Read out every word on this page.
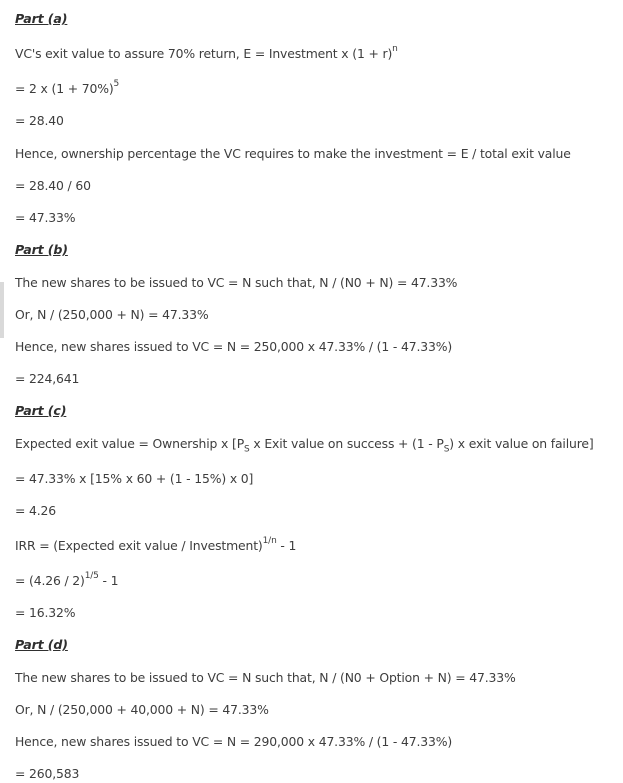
Part (a)
VC's exit value to assure 70% return, E = Investment x $(1 + r)^n$
= 2 x $(1 + 70\%)^5$
= 28.40
Hence, ownership percentage the VC requires to make the investment = E / total exit value
= 28.40 / 60
= 47.33%
Part (b)
The new shares to be issued to VC = N such that, N / (N0 + N) = 47.33%
Or, N / (250,000 + N) = 47.33%
Hence, new shares issued to VC = N = 250,000 x 47.33% / (1 - 47.33%)
= 224,641
Part (c)
Expected exit value = Ownership x [$P_S$ x Exit value on success + $(1 - P_S)$ x exit value on failure]
= 47.33% x [15% x 60 + (1 - 15%) x 0]
= 4.26
IRR = (Expected exit value / Investment)$^{1/n}$ - 1
= (4.26 / 2)$^{1/5}$ - 1
= 16.32%
Part (d)
The new shares to be issued to VC = N such that, N / (N0 + Option + N) = 47.33%
Or, N / (250,000 + 40,000 + N) = 47.33%
Hence, new shares issued to VC = N = 290,000 x 47.33% / (1 - 47.33%)
= 260,583
